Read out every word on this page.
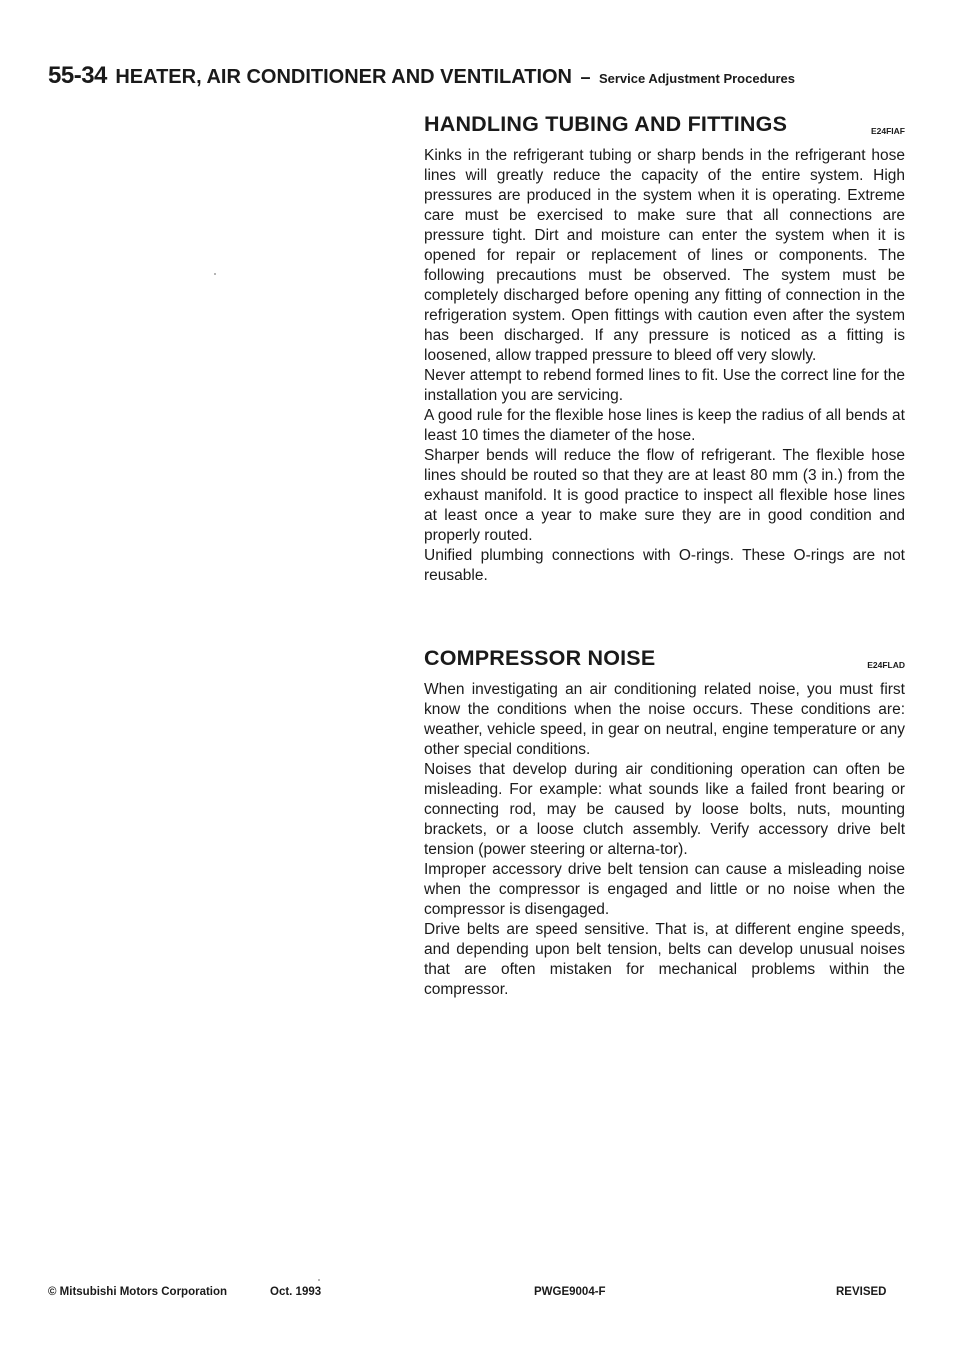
55-34 HEATER, AIR CONDITIONER AND VENTILATION – Service Adjustment Procedures
HANDLING TUBING AND FITTINGS	E24FIAF

Kinks in the refrigerant tubing or sharp bends in the refrigerant hose lines will greatly reduce the capacity of the entire system. High pressures are produced in the system when it is operating. Extreme care must be exercised to make sure that all connections are pressure tight. Dirt and moisture can enter the system when it is opened for repair or replacement of lines or components. The following precautions must be observed. The system must be completely discharged before opening any fitting of connection in the refrigeration system. Open fittings with caution even after the system has been discharged. If any pressure is noticed as a fitting is loosened, allow trapped pressure to bleed off very slowly.

Never attempt to rebend formed lines to fit. Use the correct line for the installation you are servicing.

A good rule for the flexible hose lines is keep the radius of all bends at least 10 times the diameter of the hose.

Sharper bends will reduce the flow of refrigerant. The flexible hose lines should be routed so that they are at least 80 mm (3 in.) from the exhaust manifold. It is good practice to inspect all flexible hose lines at least once a year to make sure they are in good condition and properly routed.

Unified plumbing connections with O-rings. These O-rings are not reusable.

COMPRESSOR NOISE	E24FLAD

When investigating an air conditioning related noise, you must first know the conditions when the noise occurs. These conditions are: weather, vehicle speed, in gear on neutral, engine temperature or any other special conditions.

Noises that develop during air conditioning operation can often be misleading. For example: what sounds like a failed front bearing or connecting rod, may be caused by loose bolts, nuts, mounting brackets, or a loose clutch assembly. Verify accessory drive belt tension (power steering or alterna-tor).

Improper accessory drive belt tension can cause a misleading noise when the compressor is engaged and little or no noise when the compressor is disengaged.

Drive belts are speed sensitive. That is, at different engine speeds, and depending upon belt tension, belts can develop unusual noises that are often mistaken for mechanical problems within the compressor.

© Mitsubishi Motors Corporation	Oct. 1993	PWGE9004-F	REVISED
